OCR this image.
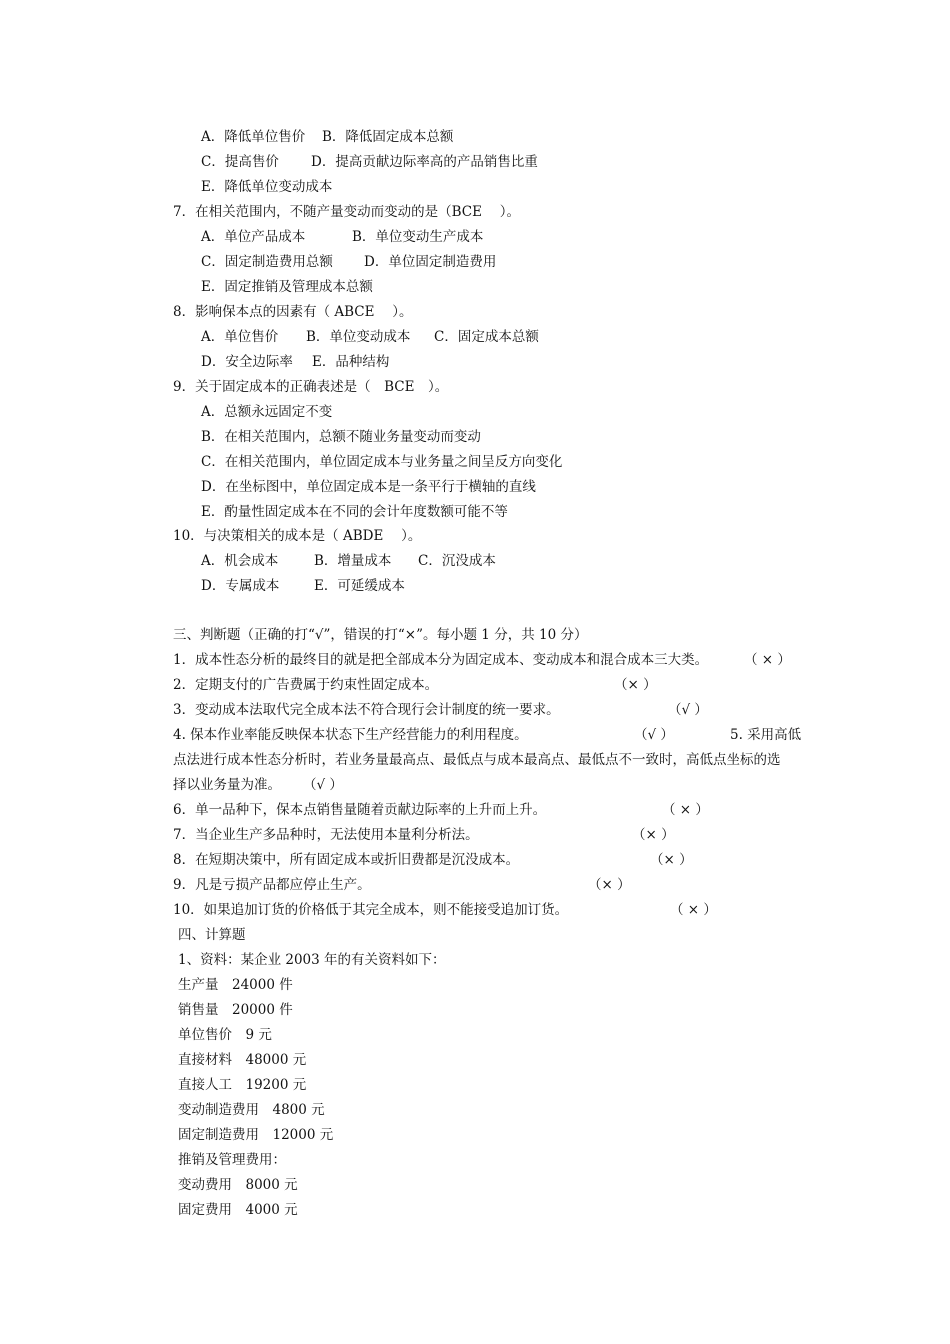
A．降低单位售价 B．降低固定成本总额
C．提高售价 D．提高贡献边际率高的产品销售比重
E．降低单位变动成本
7．在相关范围内，不随产量变动而变动的是（BCE　 ）。
A．单位产品成本	B．单位变动生产成本
C．固定制造费用总额 D．单位固定制造费用
E．固定推销及管理成本总额
8．影响保本点的因素有（ ABCE　 ）。
A．单位售价 B．单位变动成本 C．固定成本总额
D．安全边际率 E．品种结构
9．关于固定成本的正确表述是（　BCE　）。
A．总额永远固定不变
B．在相关范围内，总额不随业务量变动而变动
C．在相关范围内，单位固定成本与业务量之间呈反方向变化
D．在坐标图中，单位固定成本是一条平行于横轴的直线
E．酌量性固定成本在不同的会计年度数额可能不等
10．与决策相关的成本是（ ABDE　 ）。
A．机会成本	B．增量成本 C．沉没成本
D．专属成本	E．可延缓成本
三、判断题（正确的打“√”，错误的打“×”。每小题 1 分，共 10 分）
1．成本性态分析的最终目的就是把全部成本分为固定成本、变动成本和混合成本三大类。	（ × ）
2．定期支付的广告费属于约束性固定成本。	（× ）
3．变动成本法取代完全成本法不符合现行会计制度的统一要求。	（√ ）
4. 保本作业率能反映保本状态下生产经营能力的利用程度。	（√ ）	5. 采用高低
点法进行成本性态分析时，若业务量最高点、最低点与成本最高点、最低点不一致时，高低点坐标的选
择以业务量为准。 （√ ）
6．单一品种下，保本点销售量随着贡献边际率的上升而上升。	（ × ）
7．当企业生产多品种时，无法使用本量利分析法。	（× ）
8．在短期决策中，所有固定成本或折旧费都是沉没成本。	（× ）
9．凡是亏损产品都应停止生产。	（× ）
10．如果追加订货的价格低于其完全成本，则不能接受追加订货。	（ × ）
四、计算题
1、资料：某企业 2003 年的有关资料如下：
生产量　24000 件
销售量　20000 件
单位售价　9 元
直接材料　48000 元
直接人工　19200 元
变动制造费用　4800 元
固定制造费用　12000 元
推销及管理费用：
变动费用　8000 元
固定费用　4000 元
